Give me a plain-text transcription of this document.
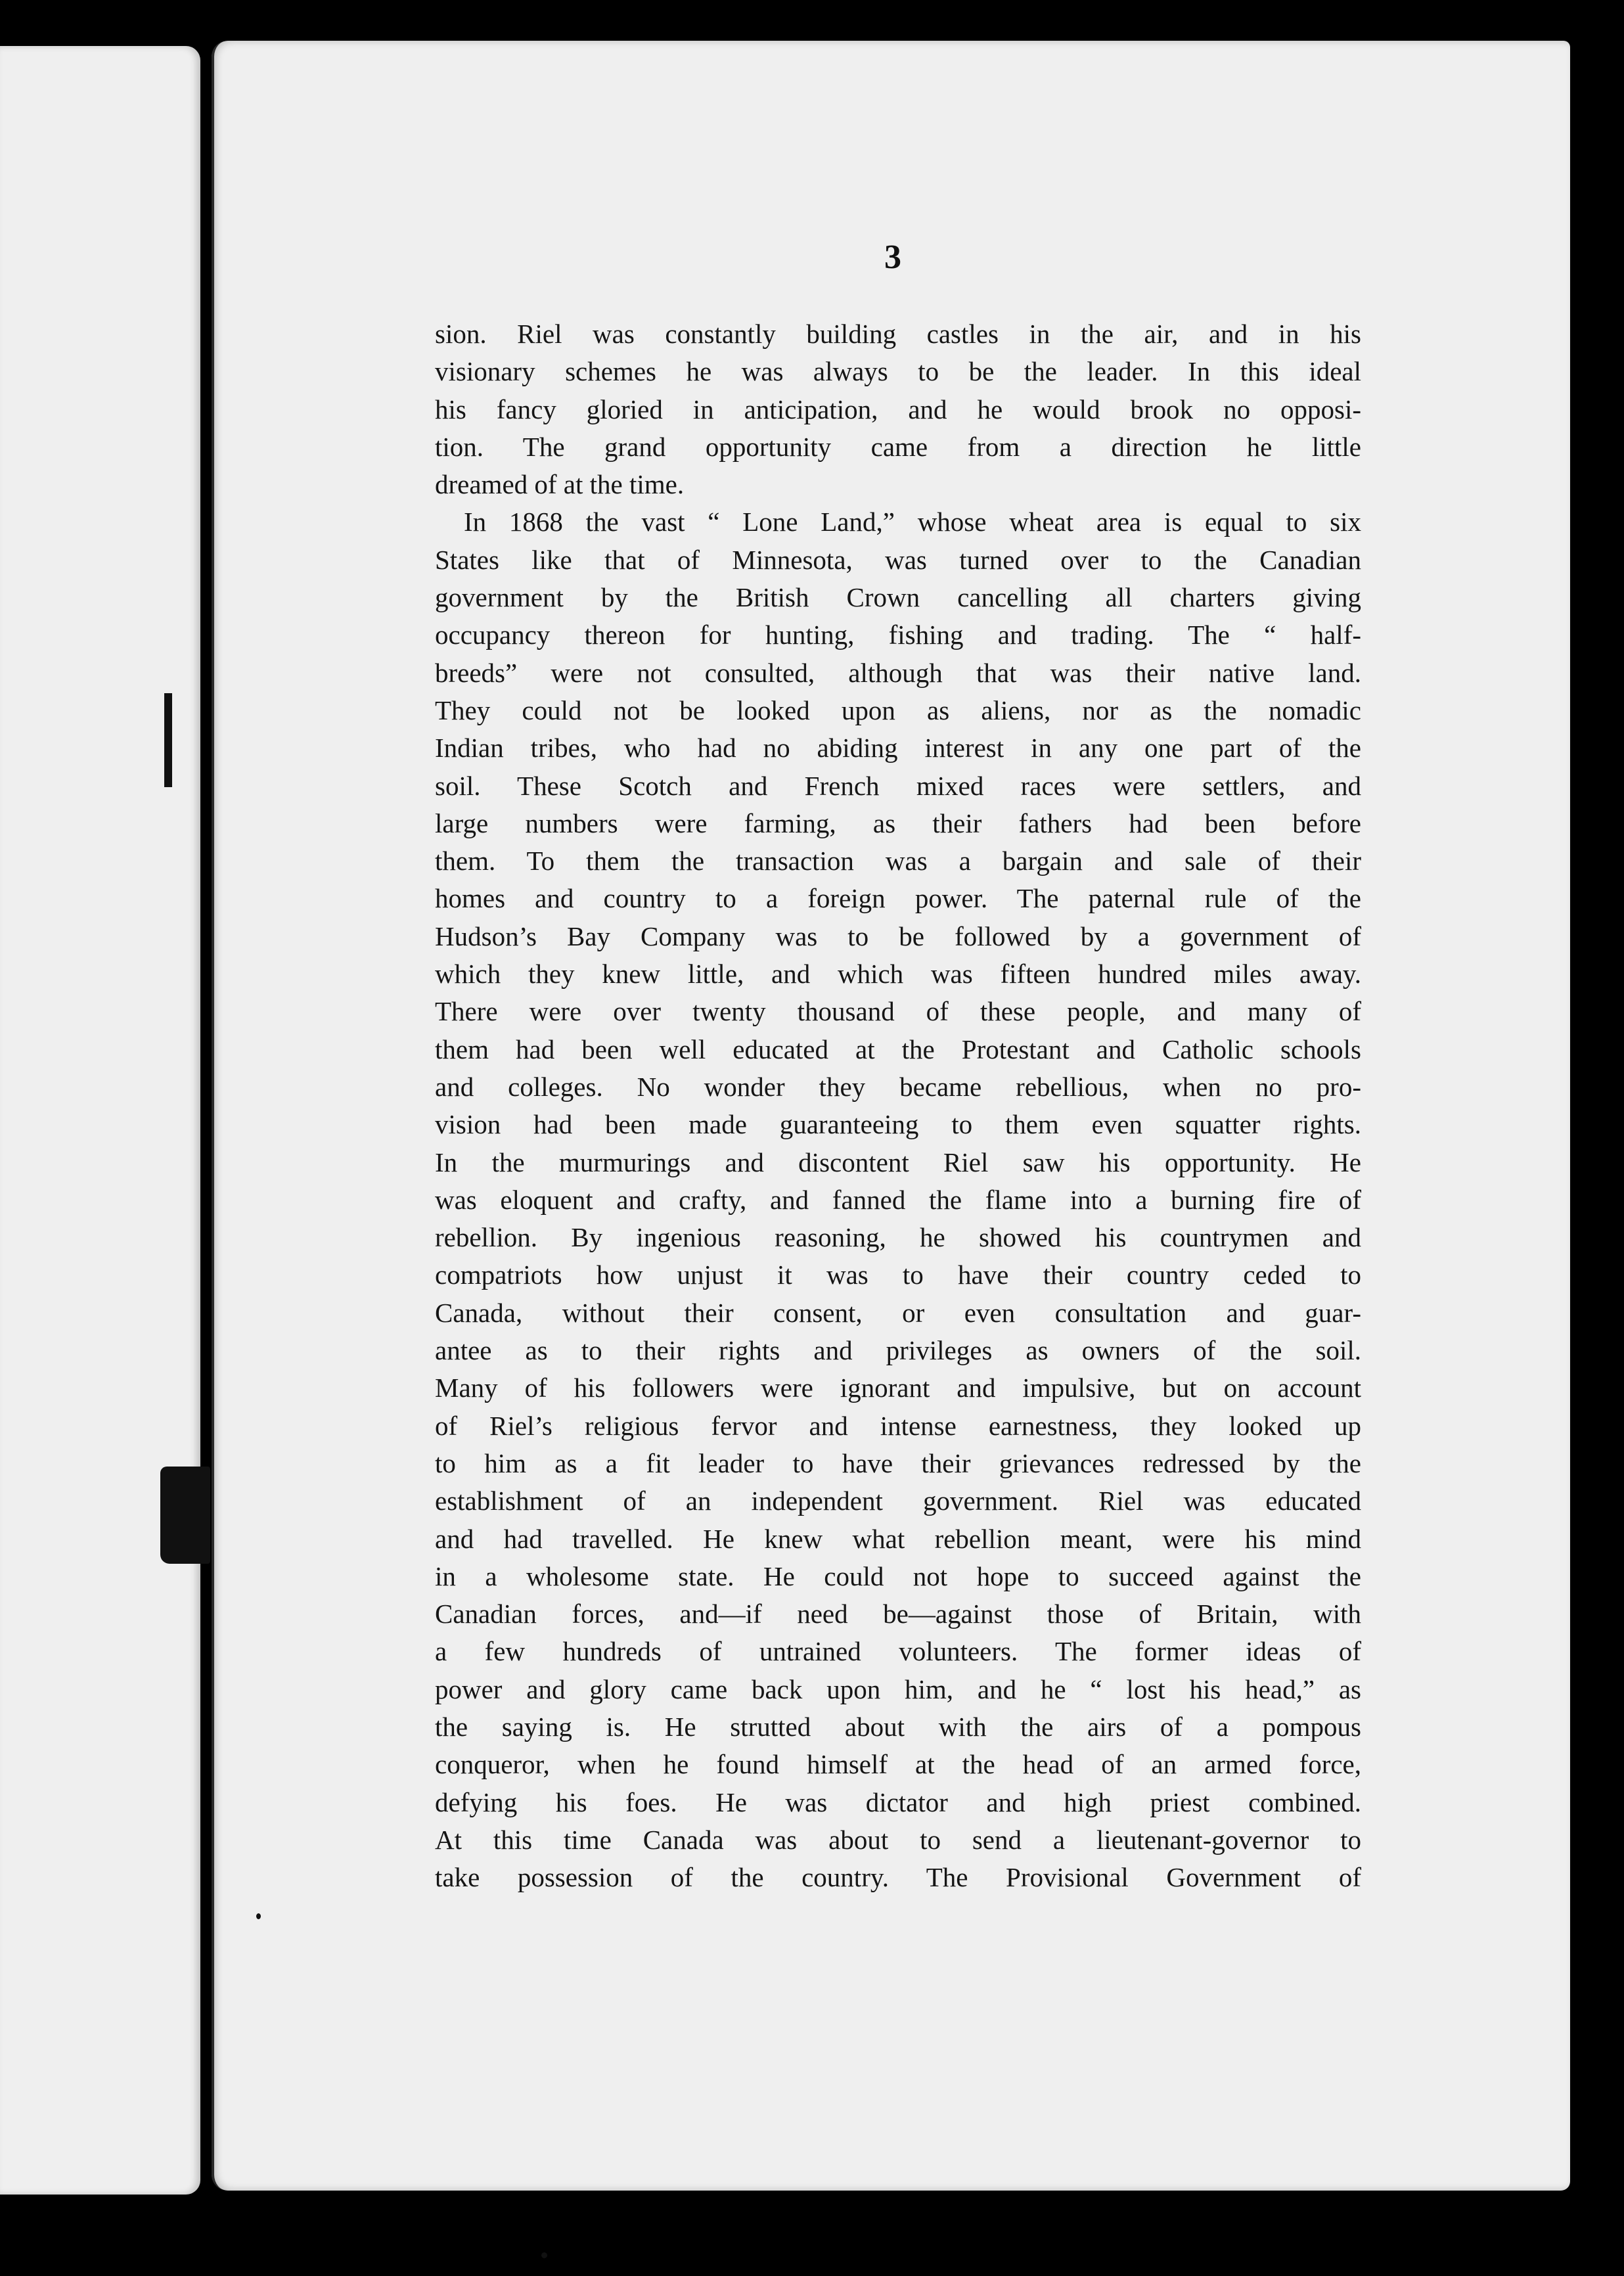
3

sion. Riel was constantly building castles in the air, and in his
visionary schemes he was always to be the leader. In this ideal
his fancy gloried in anticipation, and he would brook no opposi-
tion. The grand opportunity came from a direction he little
dreamed of at the time.
In 1868 the vast “ Lone Land,” whose wheat area is equal to six
States like that of Minnesota, was turned over to the Canadian
government by the British Crown cancelling all charters giving
occupancy thereon for hunting, fishing and trading. The “ half-
breeds” were not consulted, although that was their native land.
They could not be looked upon as aliens, nor as the nomadic
Indian tribes, who had no abiding interest in any one part of the
soil. These Scotch and French mixed races were settlers, and
large numbers were farming, as their fathers had been before
them. To them the transaction was a bargain and sale of their
homes and country to a foreign power. The paternal rule of the
Hudson’s Bay Company was to be followed by a government of
which they knew little, and which was fifteen hundred miles away.
There were over twenty thousand of these people, and many of
them had been well educated at the Protestant and Catholic schools
and colleges. No wonder they became rebellious, when no pro-
vision had been made guaranteeing to them even squatter rights.
In the murmurings and discontent Riel saw his opportunity. He
was eloquent and crafty, and fanned the flame into a burning fire of
rebellion. By ingenious reasoning, he showed his countrymen and
compatriots how unjust it was to have their country ceded to
Canada, without their consent, or even consultation and guar-
antee as to their rights and privileges as owners of the soil.
Many of his followers were ignorant and impulsive, but on account
of Riel’s religious fervor and intense earnestness, they looked up
to him as a fit leader to have their grievances redressed by the
establishment of an independent government. Riel was educated
and had travelled. He knew what rebellion meant, were his mind
in a wholesome state. He could not hope to succeed against the
Canadian forces, and—if need be—against those of Britain, with
a few hundreds of untrained volunteers. The former ideas of
power and glory came back upon him, and he “ lost his head,” as
the saying is. He strutted about with the airs of a pompous
conqueror, when he found himself at the head of an armed force,
defying his foes. He was dictator and high priest combined.
At this time Canada was about to send a lieutenant-governor to
take possession of the country. The Provisional Government of
